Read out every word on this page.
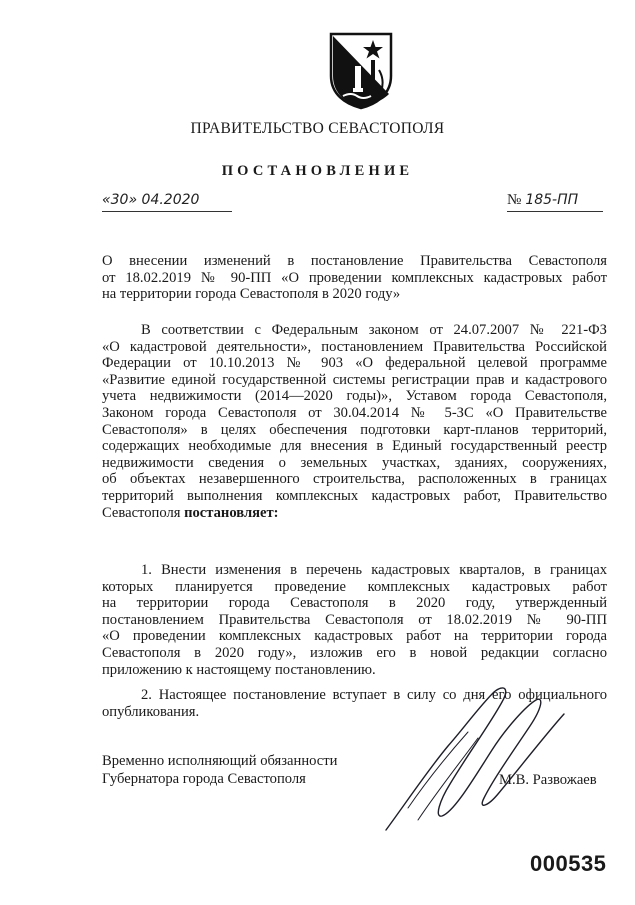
ПРАВИТЕЛЬСТВО СЕВАСТОПОЛЯ
ПОСТАНОВЛЕНИЕ
«30» 04.2020	№ 185-ПП
О внесении изменений в постановление Правительства Севастополя
от 18.02.2019 № 90-ПП «О проведении комплексных кадастровых работ
на территории города Севастополя в 2020 году»
В соответствии с Федеральным законом от 24.07.2007 № 221-ФЗ
«О кадастровой деятельности», постановлением Правительства Российской
Федерации от 10.10.2013 № 903 «О федеральной целевой программе
«Развитие единой государственной системы регистрации прав и кадастрового
учета недвижимости (2014—2020 годы)», Уставом города Севастополя,
Законом города Севастополя от 30.04.2014 № 5-ЗС «О Правительстве
Севастополя» в целях обеспечения подготовки карт-планов территорий,
содержащих необходимые для внесения в Единый государственный реестр
недвижимости сведения о земельных участках, зданиях, сооружениях,
об объектах незавершенного строительства, расположенных в границах
территорий выполнения комплексных кадастровых работ, Правительство
Севастополя постановляет:
1. Внести изменения в перечень кадастровых кварталов, в границах
которых планируется проведение комплексных кадастровых работ
на территории города Севастополя в 2020 году, утвержденный
постановлением Правительства Севастополя от 18.02.2019 № 90-ПП
«О проведении комплексных кадастровых работ на территории города
Севастополя в 2020 году», изложив его в новой редакции согласно
приложению к настоящему постановлению.
2. Настоящее постановление вступает в силу со дня его официального
опубликования.
Временно исполняющий обязанности
Губернатора города Севастополя	М.В. Развожаев
000535
